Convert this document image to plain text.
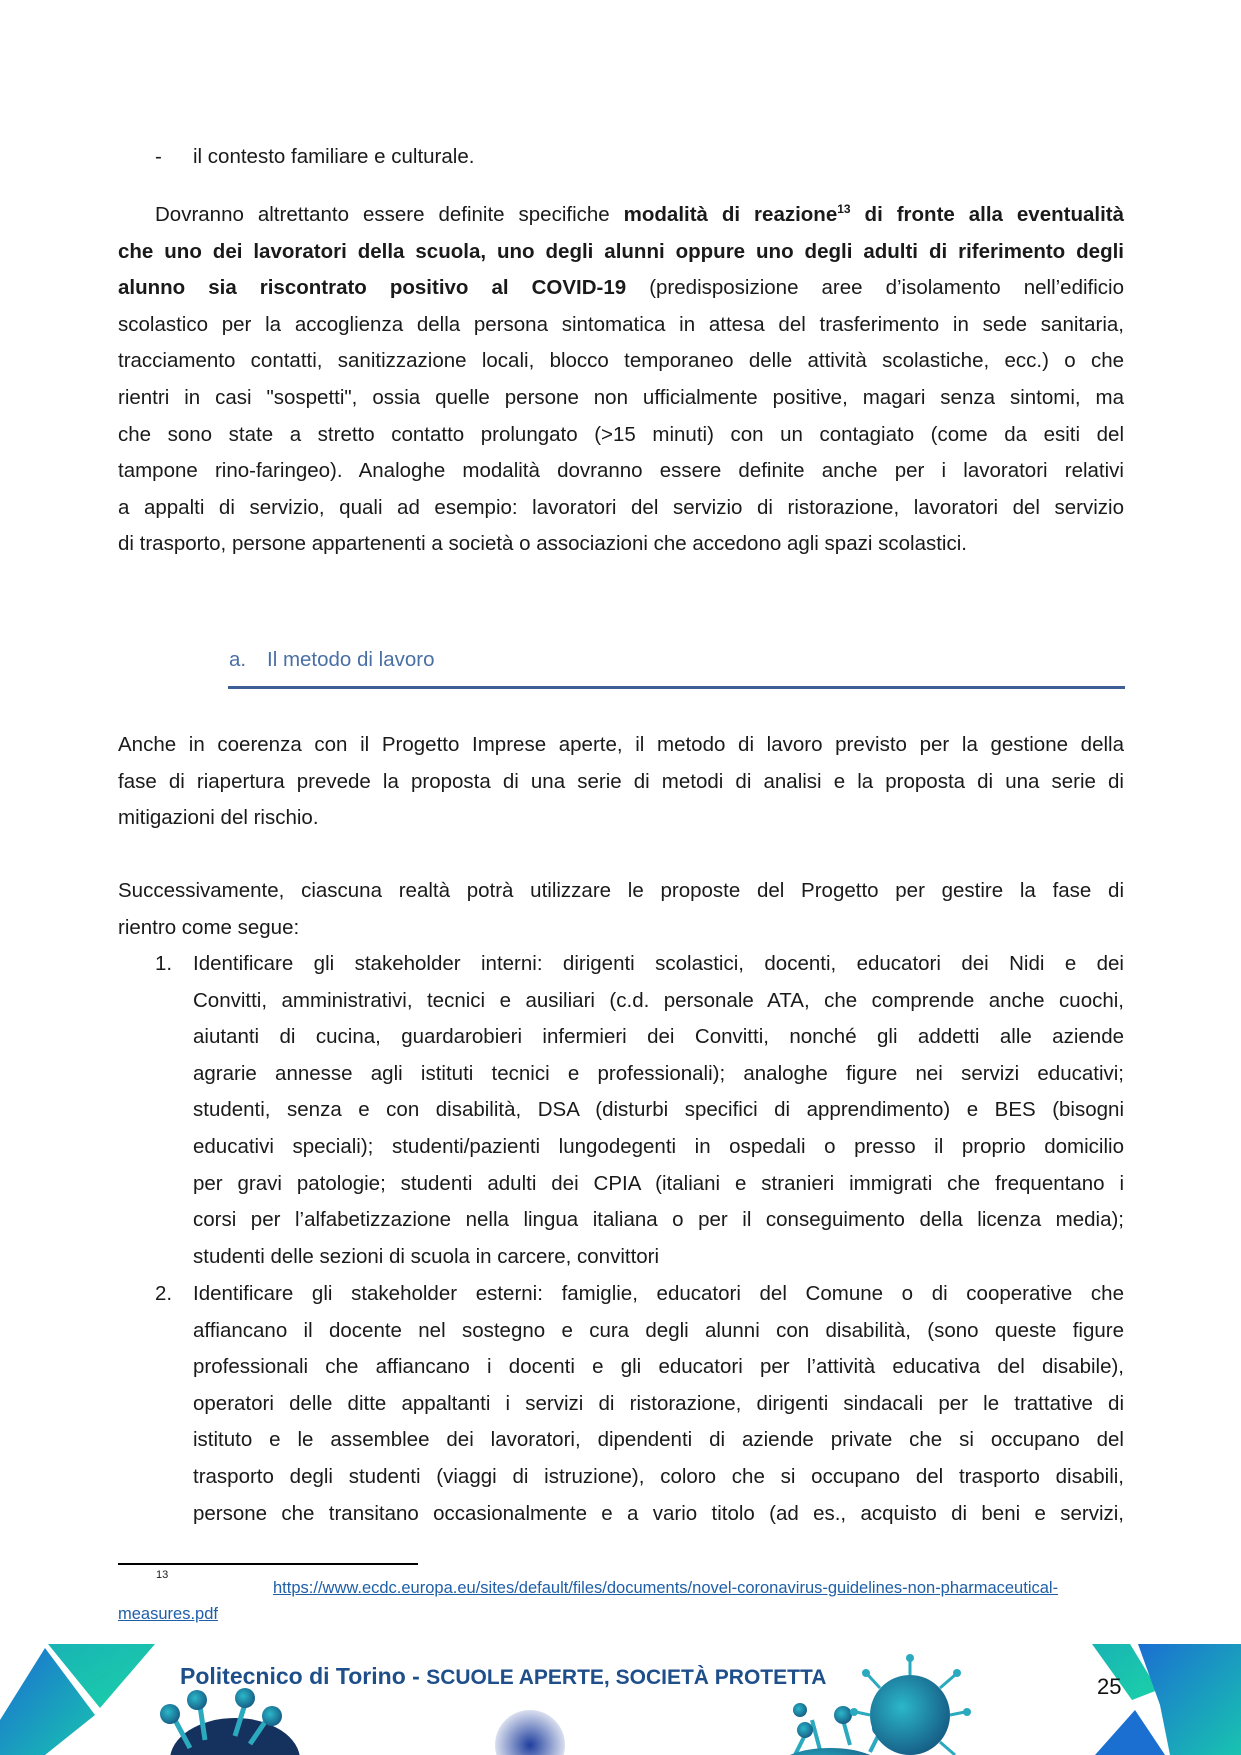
- il contesto familiare e culturale.
Dovranno altrettanto essere definite specifiche modalità di reazione$^{13}$ di fronte alla eventualità
che uno dei lavoratori della scuola, uno degli alunni oppure uno degli adulti di riferimento degli
alunno sia riscontrato positivo al COVID-19 (predisposizione aree d’isolamento nell’edificio
scolastico per la accoglienza della persona sintomatica in attesa del trasferimento in sede sanitaria,
tracciamento contatti, sanitizzazione locali, blocco temporaneo delle attività scolastiche, ecc.) o che
rientri in casi "sospetti", ossia quelle persone non ufficialmente positive, magari senza sintomi, ma
che sono state a stretto contatto prolungato (>15 minuti) con un contagiato (come da esiti del
tampone rino-faringeo). Analoghe modalità dovranno essere definite anche per i lavoratori relativi
a appalti di servizio, quali ad esempio: lavoratori del servizio di ristorazione, lavoratori del servizio
di trasporto, persone appartenenti a società o associazioni che accedono agli spazi scolastici.
a. Il metodo di lavoro
Anche in coerenza con il Progetto Imprese aperte, il metodo di lavoro previsto per la gestione della
fase di riapertura prevede la proposta di una serie di metodi di analisi e la proposta di una serie di
mitigazioni del rischio.
Successivamente, ciascuna realtà potrà utilizzare le proposte del Progetto per gestire la fase di
rientro come segue:
1. Identificare gli stakeholder interni: dirigenti scolastici, docenti, educatori dei Nidi e dei
Convitti, amministrativi, tecnici e ausiliari (c.d. personale ATA, che comprende anche cuochi,
aiutanti di cucina, guardarobieri infermieri dei Convitti, nonché gli addetti alle aziende
agrarie annesse agli istituti tecnici e professionali); analoghe figure nei servizi educativi;
studenti, senza e con disabilità, DSA (disturbi specifici di apprendimento) e BES (bisogni
educativi speciali); studenti/pazienti lungodegenti in ospedali o presso il proprio domicilio
per gravi patologie; studenti adulti dei CPIA (italiani e stranieri immigrati che frequentano i
corsi per l’alfabetizzazione nella lingua italiana o per il conseguimento della licenza media);
studenti delle sezioni di scuola in carcere, convittori
2. Identificare gli stakeholder esterni: famiglie, educatori del Comune o di cooperative che
affiancano il docente nel sostegno e cura degli alunni con disabilità, (sono queste figure
professionali che affiancano i docenti e gli educatori per l’attività educativa del disabile),
operatori delle ditte appaltanti i servizi di ristorazione, dirigenti sindacali per le trattative di
istituto e le assemblee dei lavoratori, dipendenti di aziende private che si occupano del
trasporto degli studenti (viaggi di istruzione), coloro che si occupano del trasporto disabili,
persone che transitano occasionalmente e a vario titolo (ad es., acquisto di beni e servizi,
13
https://www.ecdc.europa.eu/sites/default/files/documents/novel-coronavirus-guidelines-non-pharmaceutical-
measures.pdf
Politecnico di Torino - SCUOLE APERTE, SOCIETÀ PROTETTA	25
